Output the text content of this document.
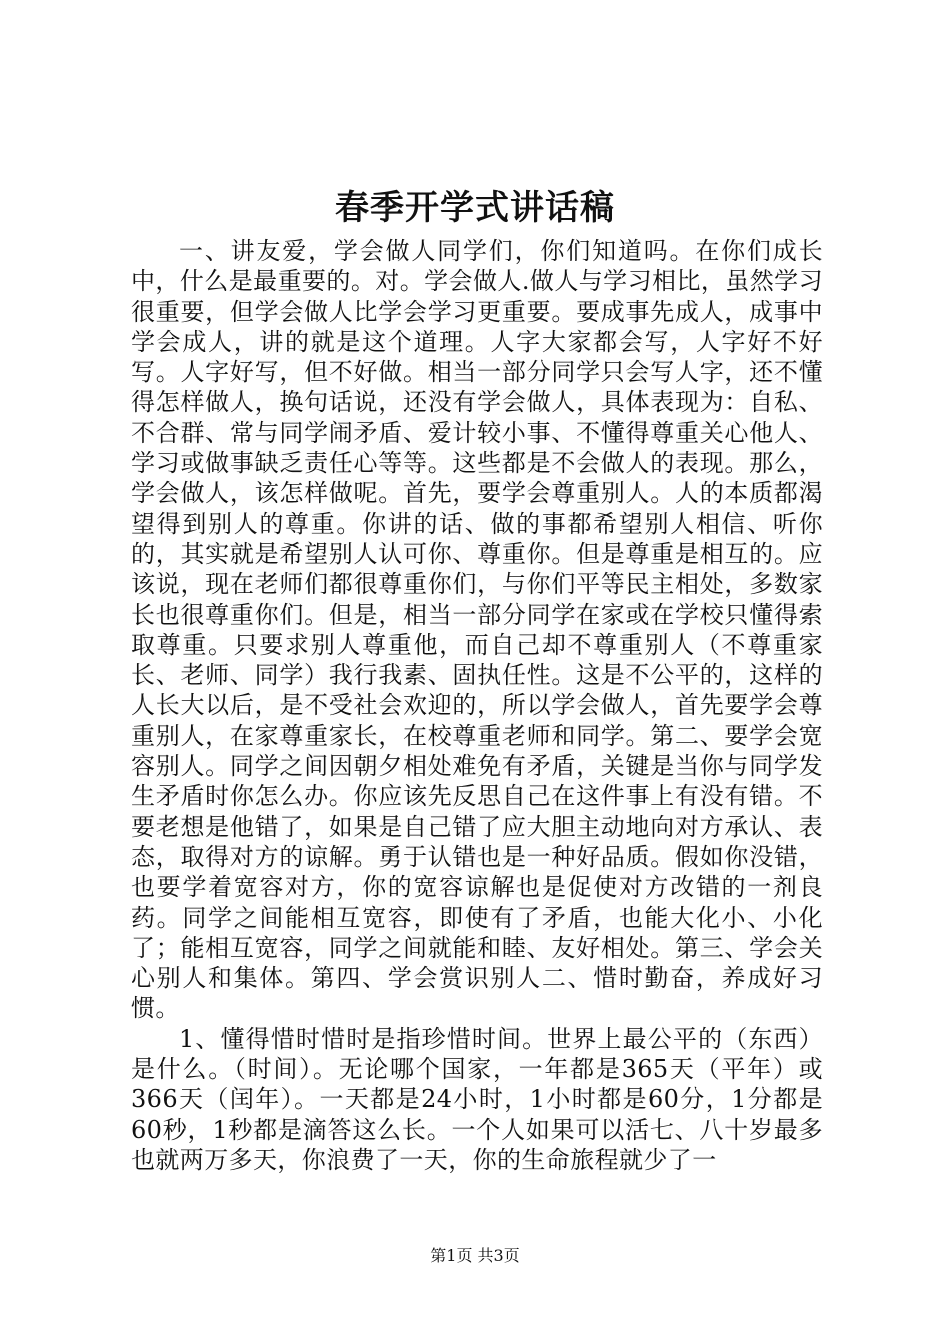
春季开学式讲话稿

一、讲友爱，学会做人同学们，你们知道吗。在你们成长中，什么是最重要的。对。学会做人.做人与学习相比，虽然学习很重要，但学会做人比学会学习更重要。要成事先成人，成事中学会成人，讲的就是这个道理。人字大家都会写，人字好不好写。人字好写，但不好做。相当一部分同学只会写人字，还不懂得怎样做人，换句话说，还没有学会做人，具体表现为：自私、不合群、常与同学闹矛盾、爱计较小事、不懂得尊重关心他人、学习或做事缺乏责任心等等。这些都是不会做人的表现。那么，学会做人，该怎样做呢。首先，要学会尊重别人。人的本质都渴望得到别人的尊重。你讲的话、做的事都希望别人相信、听你的，其实就是希望别人认可你、尊重你。但是尊重是相互的。应该说，现在老师们都很尊重你们，与你们平等民主相处，多数家长也很尊重你们。但是，相当一部分同学在家或在学校只懂得索取尊重。只要求别人尊重他，而自己却不尊重别人（不尊重家长、老师、同学）我行我素、固执任性。这是不公平的，这样的人长大以后，是不受社会欢迎的，所以学会做人，首先要学会尊重别人，在家尊重家长，在校尊重老师和同学。第二、要学会宽容别人。同学之间因朝夕相处难免有矛盾，关键是当你与同学发生矛盾时你怎么办。你应该先反思自己在这件事上有没有错。不要老想是他错了，如果是自己错了应大胆主动地向对方承认、表态，取得对方的谅解。勇于认错也是一种好品质。假如你没错，也要学着宽容对方，你的宽容谅解也是促使对方改错的一剂良药。同学之间能相互宽容，即使有了矛盾，也能大化小、小化了；能相互宽容，同学之间就能和睦、友好相处。第三、学会关心别人和集体。第四、学会赏识别人二、惜时勤奋，养成好习惯。

1、懂得惜时惜时是指珍惜时间。世界上最公平的（东西）是什么。（时间）。无论哪个国家，一年都是365天（平年）或366天（闰年）。一天都是24小时，1小时都是60分，1分都是60秒，1秒都是滴答这么长。一个人如果可以活七、八十岁最多也就两万多天，你浪费了一天，你的生命旅程就少了一

第1页 共3页
